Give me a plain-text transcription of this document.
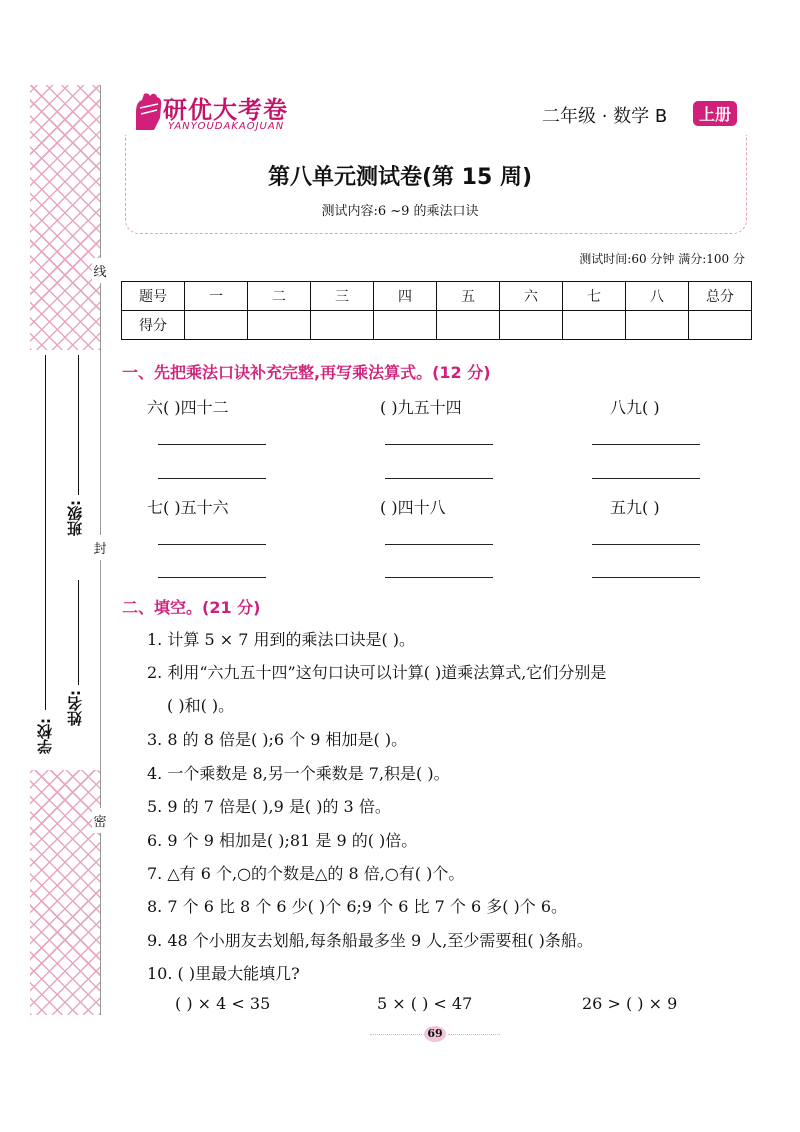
线
封
密
学校:
姓名:
班级:
研优大考卷
YANYOUDAKAOJUAN	二年级 · 数学 B	上册
第八单元测试卷(第 15 周)
测试内容:6 ~9 的乘法口诀
测试时间:60 分钟 满分:100 分
题号	一	二	三	四	五	六	七	八	总分
得分									
一、先把乘法口诀补充完整,再写乘法算式。(12 分)
六( )四十二	( )九五十四	八九( )
七( )五十六	( )四十八	五九( )
二、填空。(21 分)
1. 计算 5 × 7 用到的乘法口诀是( )。
2. 利用“六九五十四”这句口诀可以计算( )道乘法算式,它们分别是
( )和( )。
3. 8 的 8 倍是( );6 个 9 相加是( )。
4. 一个乘数是 8,另一个乘数是 7,积是( )。
5. 9 的 7 倍是( ),9 是( )的 3 倍。
6. 9 个 9 相加是( );81 是 9 的( )倍。
7. △有 6 个,○的个数是△的 8 倍,○有( )个。
8. 7 个 6 比 8 个 6 少( )个 6;9 个 6 比 7 个 6 多( )个 6。
9. 48 个小朋友去划船,每条船最多坐 9 人,至少需要租( )条船。
10. ( )里最大能填几?
( ) × 4 < 35	5 × ( ) < 47	26 > ( ) × 9
69
